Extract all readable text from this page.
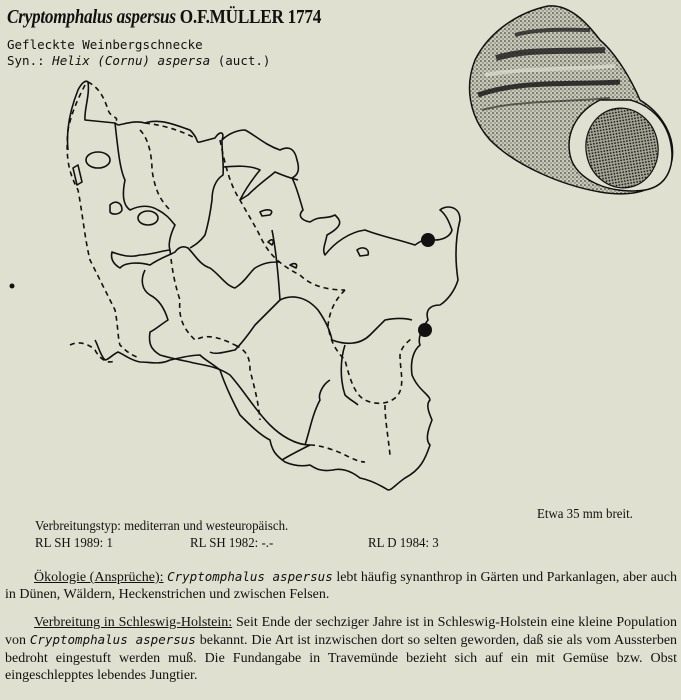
Cryptomphalus aspersus O.F.MÜLLER 1774
Gefleckte Weinbergschnecke
Syn.: Helix (Cornu) aspersa (auct.)
Etwa 35 mm breit.
Verbreitungstyp: mediterran und westeuropäisch.
RL SH 1989: 1	RL SH 1982: -.-	RL D 1984: 3
Ökologie (Ansprüche): Cryptomphalus aspersus lebt häufig synanthrop in Gärten und Parkanlagen, aber auch in Dünen, Wäldern, Heckenstrichen und zwischen Felsen.
Verbreitung in Schleswig-Holstein: Seit Ende der sechziger Jahre ist in Schleswig-Holstein eine kleine Population von Cryptomphalus aspersus bekannt. Die Art ist inzwischen dort so selten geworden, daß sie als vom Aussterben bedroht eingestuft werden muß. Die Fundangabe in Travemünde bezieht sich auf ein mit Gemüse bzw. Obst eingeschlepptes lebendes Jungtier.
